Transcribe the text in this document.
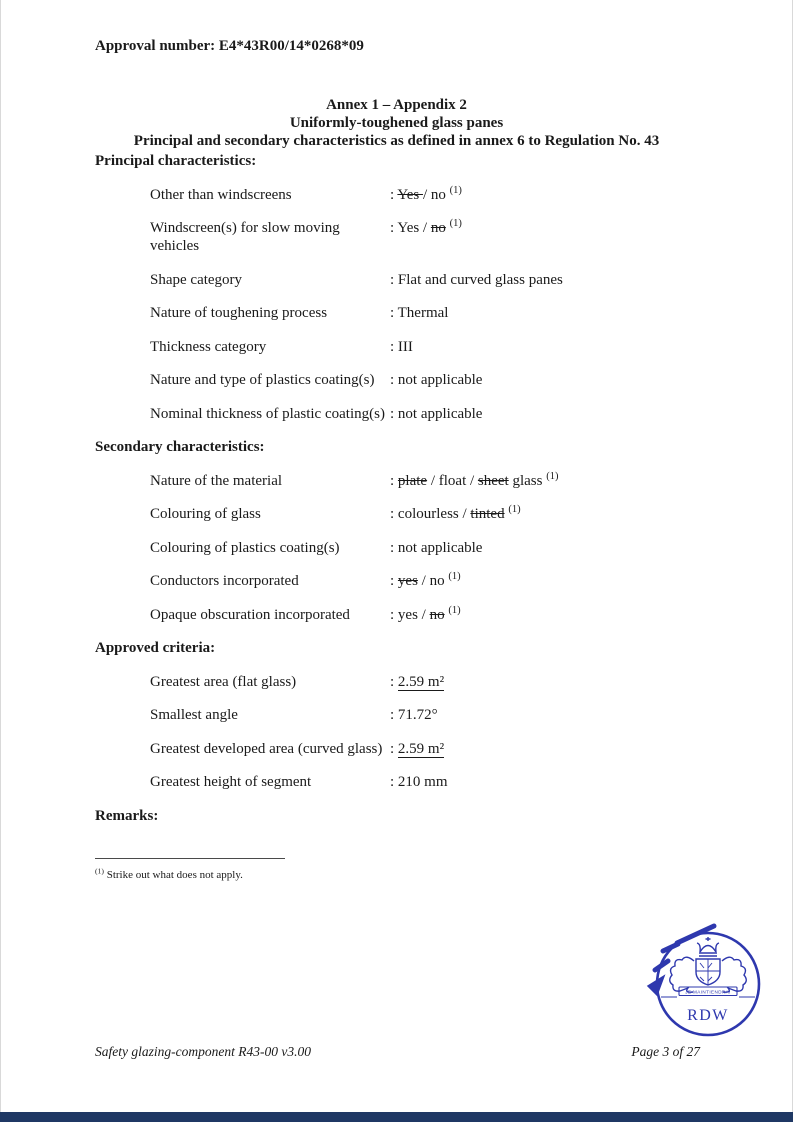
Approval number: E4*43R00/14*0268*09
Annex 1 – Appendix 2
Uniformly-toughened glass panes
Principal and secondary characteristics as defined in annex 6 to Regulation No. 43
Principal characteristics:
Other than windscreens	: Yes / no $^{(1)}$
Windscreen(s) for slow moving vehicles
: Yes / no $^{(1)}$
Shape category	: Flat and curved glass panes
Nature of toughening process	: Thermal
Thickness category	: III
Nature and type of plastics coating(s)	: not applicable
Nominal thickness of plastic coating(s) : not applicable
Secondary characteristics:
Nature of the material	: plate / float / sheet glass $^{(1)}$
Colouring of glass	: colourless / tinted $^{(1)}$
Colouring of plastics coating(s)	: not applicable
Conductors incorporated	: yes / no $^{(1)}$
Opaque obscuration incorporated	: yes / no $^{(1)}$
Approved criteria:
Greatest area (flat glass)	: 2.59 m²
Smallest angle	: 71.72°
Greatest developed area (curved glass) : 2.59 m²
Greatest height of segment	: 210 mm
Remarks:
$^{(1)}$ Strike out what does not apply.
JE MAINTIENDRAI
RDW
Safety glazing-component R43-00 v3.00	Page 3 of 27
